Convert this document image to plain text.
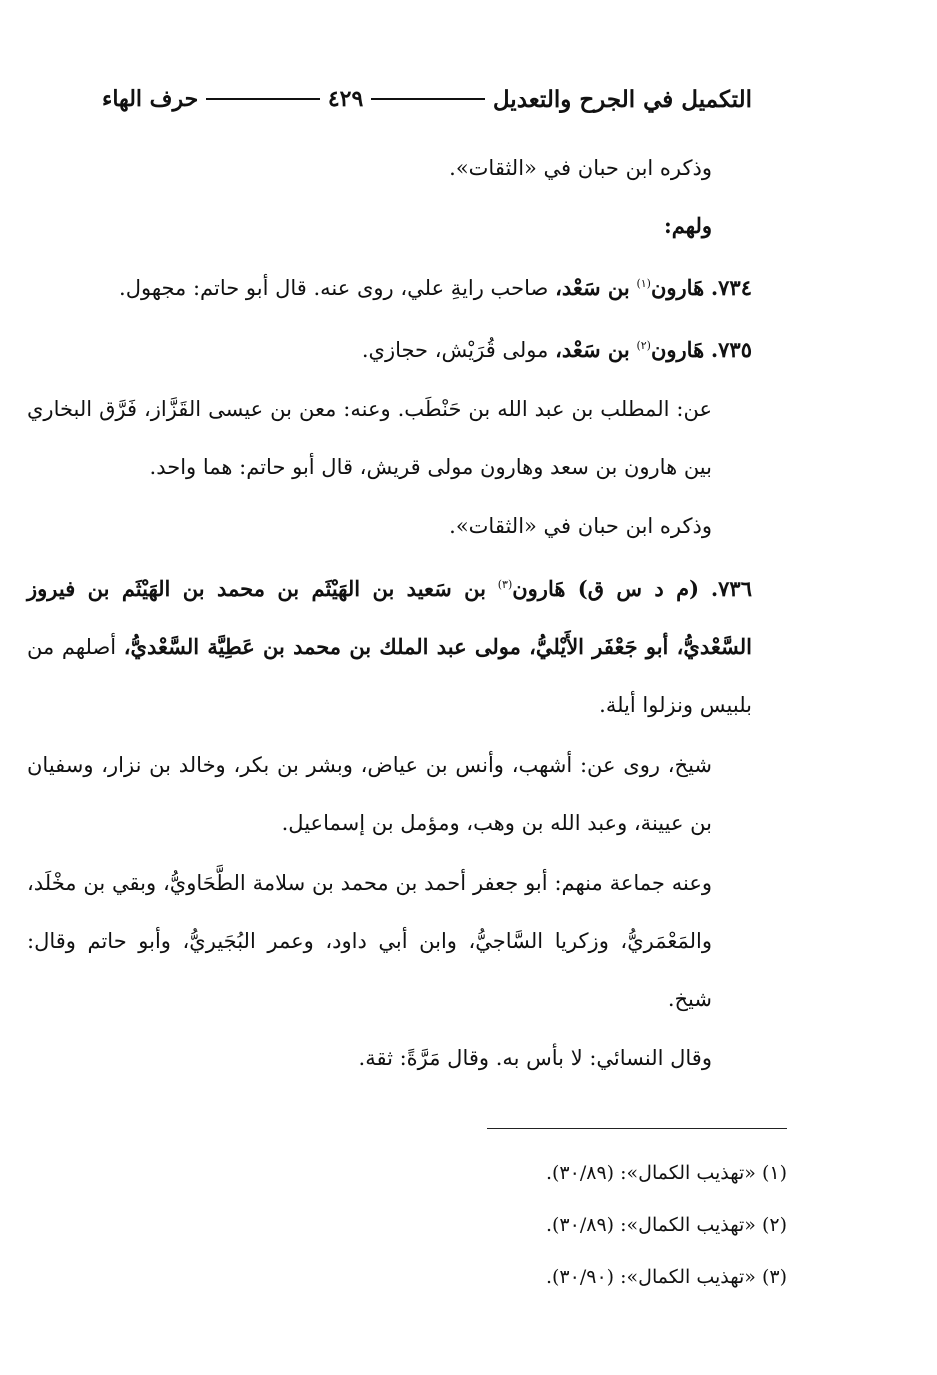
التكميل في الجرح والتعديل
٤٢٩
حرف الهاء
وذكره ابن حبان في «الثقات».
ولهم:
٧٣٤. هَارون$^{(١)}$ بن سَعْد، صاحب رايةِ علي، روى عنه. قال أبو حاتم: مجهول.
٧٣٥. هَارون$^{(٢)}$ بن سَعْد، مولى قُرَيْش، حجازي.
عن: المطلب بن عبد الله بن حَنْطَب. وعنه: معن بن عيسى القَزَّاز، فَرَّق البخاري بين هارون بن سعد وهارون مولى قريش، قال أبو حاتم: هما واحد.
وذكره ابن حبان في «الثقات».
٧٣٦. (م د س ق) هَارون$^{(٣)}$ بن سَعيد بن الهَيْثَم بن محمد بن الهَيْثَم بن فيروز السَّعْديُّ، أبو جَعْفَر الأَيْليُّ، مولى عبد الملك بن محمد بن عَطِيَّة السَّعْديُّ، أصلهم من بلبيس ونزلوا أيلة.
شيخ، روى عن: أشهب، وأنس بن عياض، وبشر بن بكر، وخالد بن نزار، وسفيان بن عيينة، وعبد الله بن وهب، ومؤمل بن إسماعيل.
وعنه جماعة منهم: أبو جعفر أحمد بن محمد بن سلامة الطَّحَاويُّ، وبقي بن مخْلَد، والمَعْمَريُّ، وزكريا السَّاجيُّ، وابن أبي داود، وعمر البُجَيريُّ، وأبو حاتم وقال: شيخ.
وقال النسائي: لا بأس به. وقال مَرَّةً: ثقة.
(١) «تهذيب الكمال»: (٣٠/٨٩).
(٢) «تهذيب الكمال»: (٣٠/٨٩).
(٣) «تهذيب الكمال»: (٣٠/٩٠).
